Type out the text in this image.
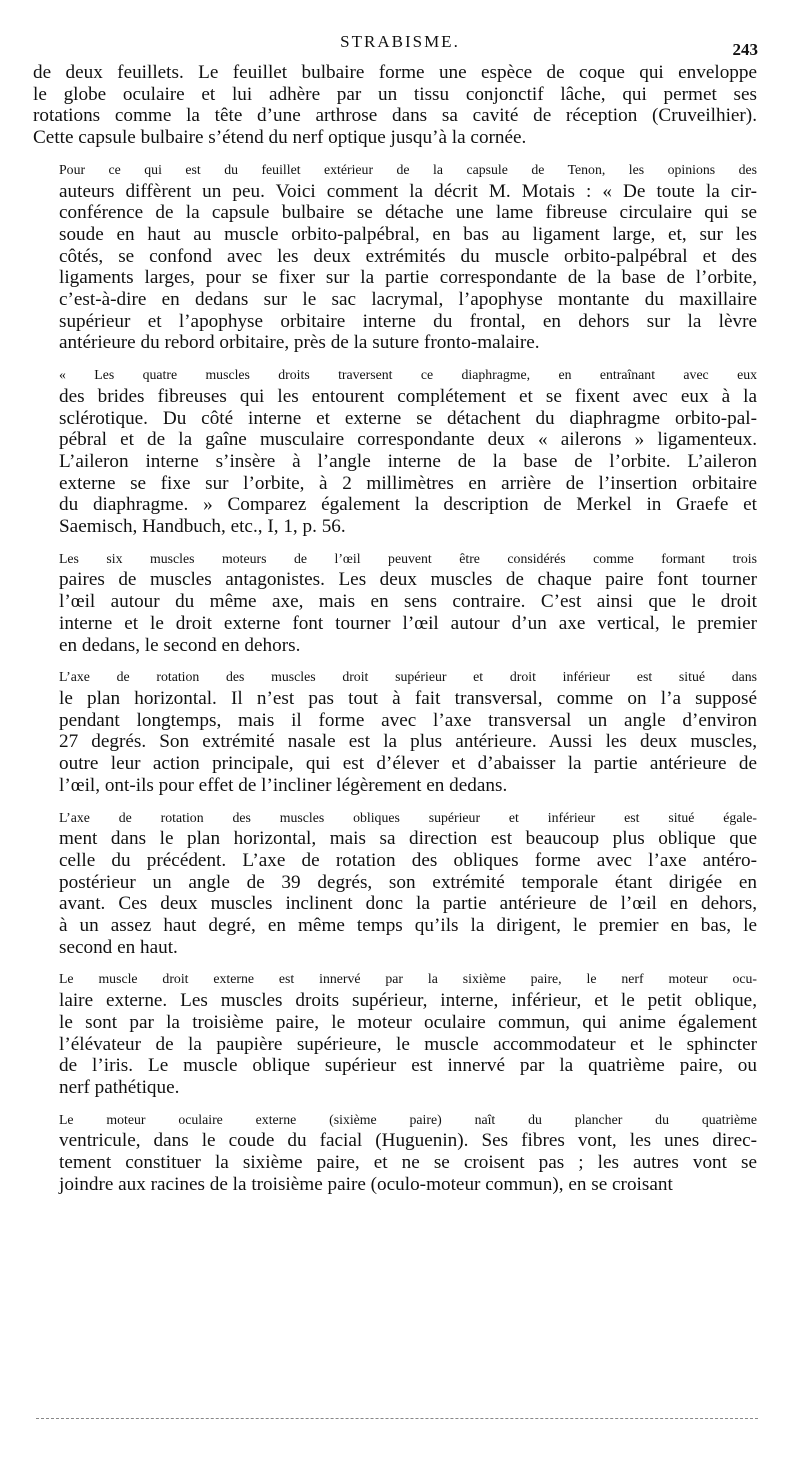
STRABISME.	243

de deux feuillets. Le feuillet bulbaire forme une espèce de coque qui enveloppe
le globe oculaire et lui adhère par un tissu conjonctif lâche, qui permet ses
rotations comme la tête d’une arthrose dans sa cavité de réception (Cruveilhier).
Cette capsule bulbaire s’étend du nerf optique jusqu’à la cornée.

Pour ce qui est du feuillet extérieur de la capsule de Tenon, les opinions des
auteurs diffèrent un peu. Voici comment la décrit M. Motais : « De toute la cir-
conférence de la capsule bulbaire se détache une lame fibreuse circulaire qui se
soude en haut au muscle orbito-palpébral, en bas au ligament large, et, sur les
côtés, se confond avec les deux extrémités du muscle orbito-palpébral et des
ligaments larges, pour se fixer sur la partie correspondante de la base de l’orbite,
c’est-à-dire en dedans sur le sac lacrymal, l’apophyse montante du maxillaire
supérieur et l’apophyse orbitaire interne du frontal, en dehors sur la lèvre
antérieure du rebord orbitaire, près de la suture fronto-malaire.

« Les quatre muscles droits traversent ce diaphragme, en entraînant avec eux
des brides fibreuses qui les entourent complétement et se fixent avec eux à la
sclérotique. Du côté interne et externe se détachent du diaphragme orbito-pal-
pébral et de la gaîne musculaire correspondante deux « ailerons » ligamenteux.
L’aileron interne s’insère à l’angle interne de la base de l’orbite. L’aileron
externe se fixe sur l’orbite, à 2 millimètres en arrière de l’insertion orbitaire
du diaphragme. » Comparez également la description de Merkel in Graefe et
Saemisch, Handbuch, etc., I, 1, p. 56.

Les six muscles moteurs de l’œil peuvent être considérés comme formant trois
paires de muscles antagonistes. Les deux muscles de chaque paire font tourner
l’œil autour du même axe, mais en sens contraire. C’est ainsi que le droit
interne et le droit externe font tourner l’œil autour d’un axe vertical, le premier
en dedans, le second en dehors.

L’axe de rotation des muscles droit supérieur et droit inférieur est situé dans
le plan horizontal. Il n’est pas tout à fait transversal, comme on l’a supposé
pendant longtemps, mais il forme avec l’axe transversal un angle d’environ
27 degrés. Son extrémité nasale est la plus antérieure. Aussi les deux muscles,
outre leur action principale, qui est d’élever et d’abaisser la partie antérieure de
l’œil, ont-ils pour effet de l’incliner légèrement en dedans.

L’axe de rotation des muscles obliques supérieur et inférieur est situé égale-
ment dans le plan horizontal, mais sa direction est beaucoup plus oblique que
celle du précédent. L’axe de rotation des obliques forme avec l’axe antéro-
postérieur un angle de 39 degrés, son extrémité temporale étant dirigée en
avant. Ces deux muscles inclinent donc la partie antérieure de l’œil en dehors,
à un assez haut degré, en même temps qu’ils la dirigent, le premier en bas, le
second en haut.

Le muscle droit externe est innervé par la sixième paire, le nerf moteur ocu-
laire externe. Les muscles droits supérieur, interne, inférieur, et le petit oblique,
le sont par la troisième paire, le moteur oculaire commun, qui anime également
l’élévateur de la paupière supérieure, le muscle accommodateur et le sphincter
de l’iris. Le muscle oblique supérieur est innervé par la quatrième paire, ou
nerf pathétique.

Le moteur oculaire externe (sixième paire) naît du plancher du quatrième
ventricule, dans le coude du facial (Huguenin). Ses fibres vont, les unes direc-
tement constituer la sixième paire, et ne se croisent pas ; les autres vont se
joindre aux racines de la troisième paire (oculo-moteur commun), en se croisant
